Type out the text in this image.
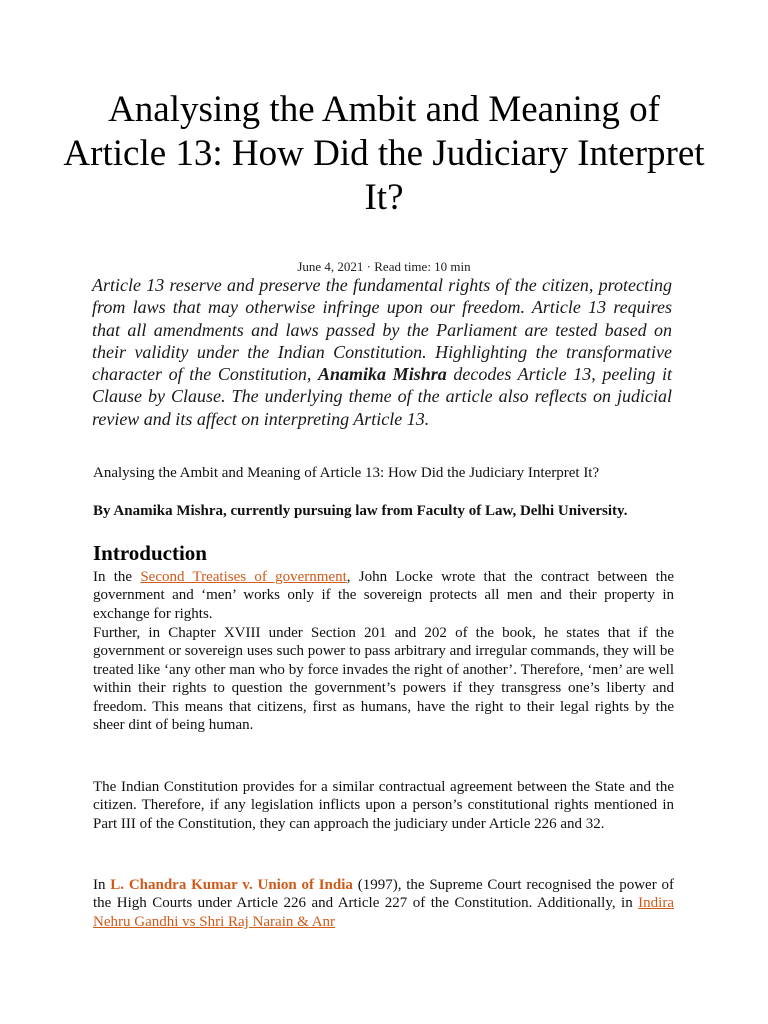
Analysing the Ambit and Meaning of Article 13: How Did the Judiciary Interpret It?
June 4, 2021 · Read time: 10 min

Article 13 reserve and preserve the fundamental rights of the citizen, protecting from laws that may otherwise infringe upon our freedom. Article 13 requires that all amendments and laws passed by the Parliament are tested based on their validity under the Indian Constitution. Highlighting the transformative character of the Constitution, Anamika Mishra decodes Article 13, peeling it Clause by Clause. The underlying theme of the article also reflects on judicial review and its affect on interpreting Article 13.

Analysing the Ambit and Meaning of Article 13: How Did the Judiciary Interpret It?

By Anamika Mishra, currently pursuing law from Faculty of Law, Delhi University.

Introduction

In the Second Treatises of government, John Locke wrote that the contract between the government and ‘men’ works only if the sovereign protects all men and their property in exchange for rights.

Further, in Chapter XVIII under Section 201 and 202 of the book, he states that if the government or sovereign uses such power to pass arbitrary and irregular commands, they will be treated like ‘any other man who by force invades the right of another’. Therefore, ‘men’ are well within their rights to question the government’s powers if they transgress one’s liberty and freedom. This means that citizens, first as humans, have the right to their legal rights by the sheer dint of being human.

The Indian Constitution provides for a similar contractual agreement between the State and the citizen. Therefore, if any legislation inflicts upon a person’s constitutional rights mentioned in Part III of the Constitution, they can approach the judiciary under Article 226 and 32.

In L. Chandra Kumar v. Union of India (1997), the Supreme Court recognised the power of the High Courts under Article 226 and Article 227 of the Constitution. Additionally, in Indira Nehru Gandhi vs Shri Raj Narain & Anr
